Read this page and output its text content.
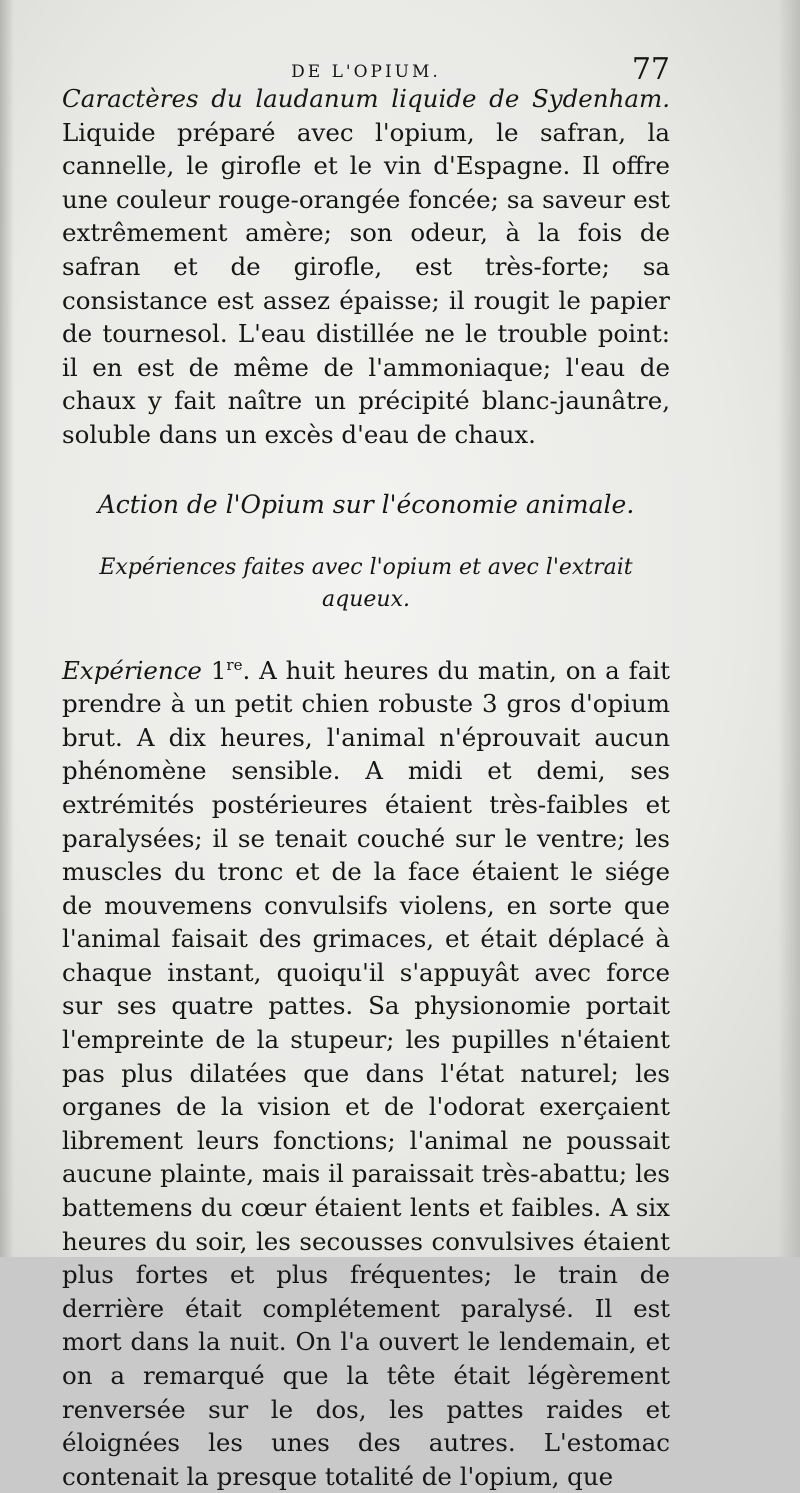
DE L'OPIUM.	77

Caractères du laudanum liquide de Sydenham. Liquide préparé avec l'opium, le safran, la cannelle, le girofle et le vin d'Espagne. Il offre une couleur rouge-orangée foncée; sa saveur est extrêmement amère; son odeur, à la fois de safran et de girofle, est très-forte; sa consistance est assez épaisse; il rougit le papier de tournesol. L'eau distillée ne le trouble point: il en est de même de l'ammoniaque; l'eau de chaux y fait naître un précipité blanc-jaunâtre, soluble dans un excès d'eau de chaux.

Action de l'Opium sur l'économie animale.
Expériences faites avec l'opium et avec l'extrait aqueux.

Expérience 1re. A huit heures du matin, on a fait prendre à un petit chien robuste 3 gros d'opium brut. A dix heures, l'animal n'éprouvait aucun phénomène sensible. A midi et demi, ses extrémités postérieures étaient très-faibles et paralysées; il se tenait couché sur le ventre; les muscles du tronc et de la face étaient le siége de mouvemens convulsifs violens, en sorte que l'animal faisait des grimaces, et était déplacé à chaque instant, quoiqu'il s'appuyât avec force sur ses quatre pattes. Sa physionomie portait l'empreinte de la stupeur; les pupilles n'étaient pas plus dilatées que dans l'état naturel; les organes de la vision et de l'odorat exerçaient librement leurs fonctions; l'animal ne poussait aucune plainte, mais il paraissait très-abattu; les battemens du cœur étaient lents et faibles. A six heures du soir, les secousses convulsives étaient plus fortes et plus fréquentes; le train de derrière était complétement paralysé. Il est mort dans la nuit. On l'a ouvert le lendemain, et on a remarqué que la tête était légèrement renversée sur le dos, les pattes raides et éloignées les unes des autres. L'estomac contenait la presque totalité de l'opium, que
